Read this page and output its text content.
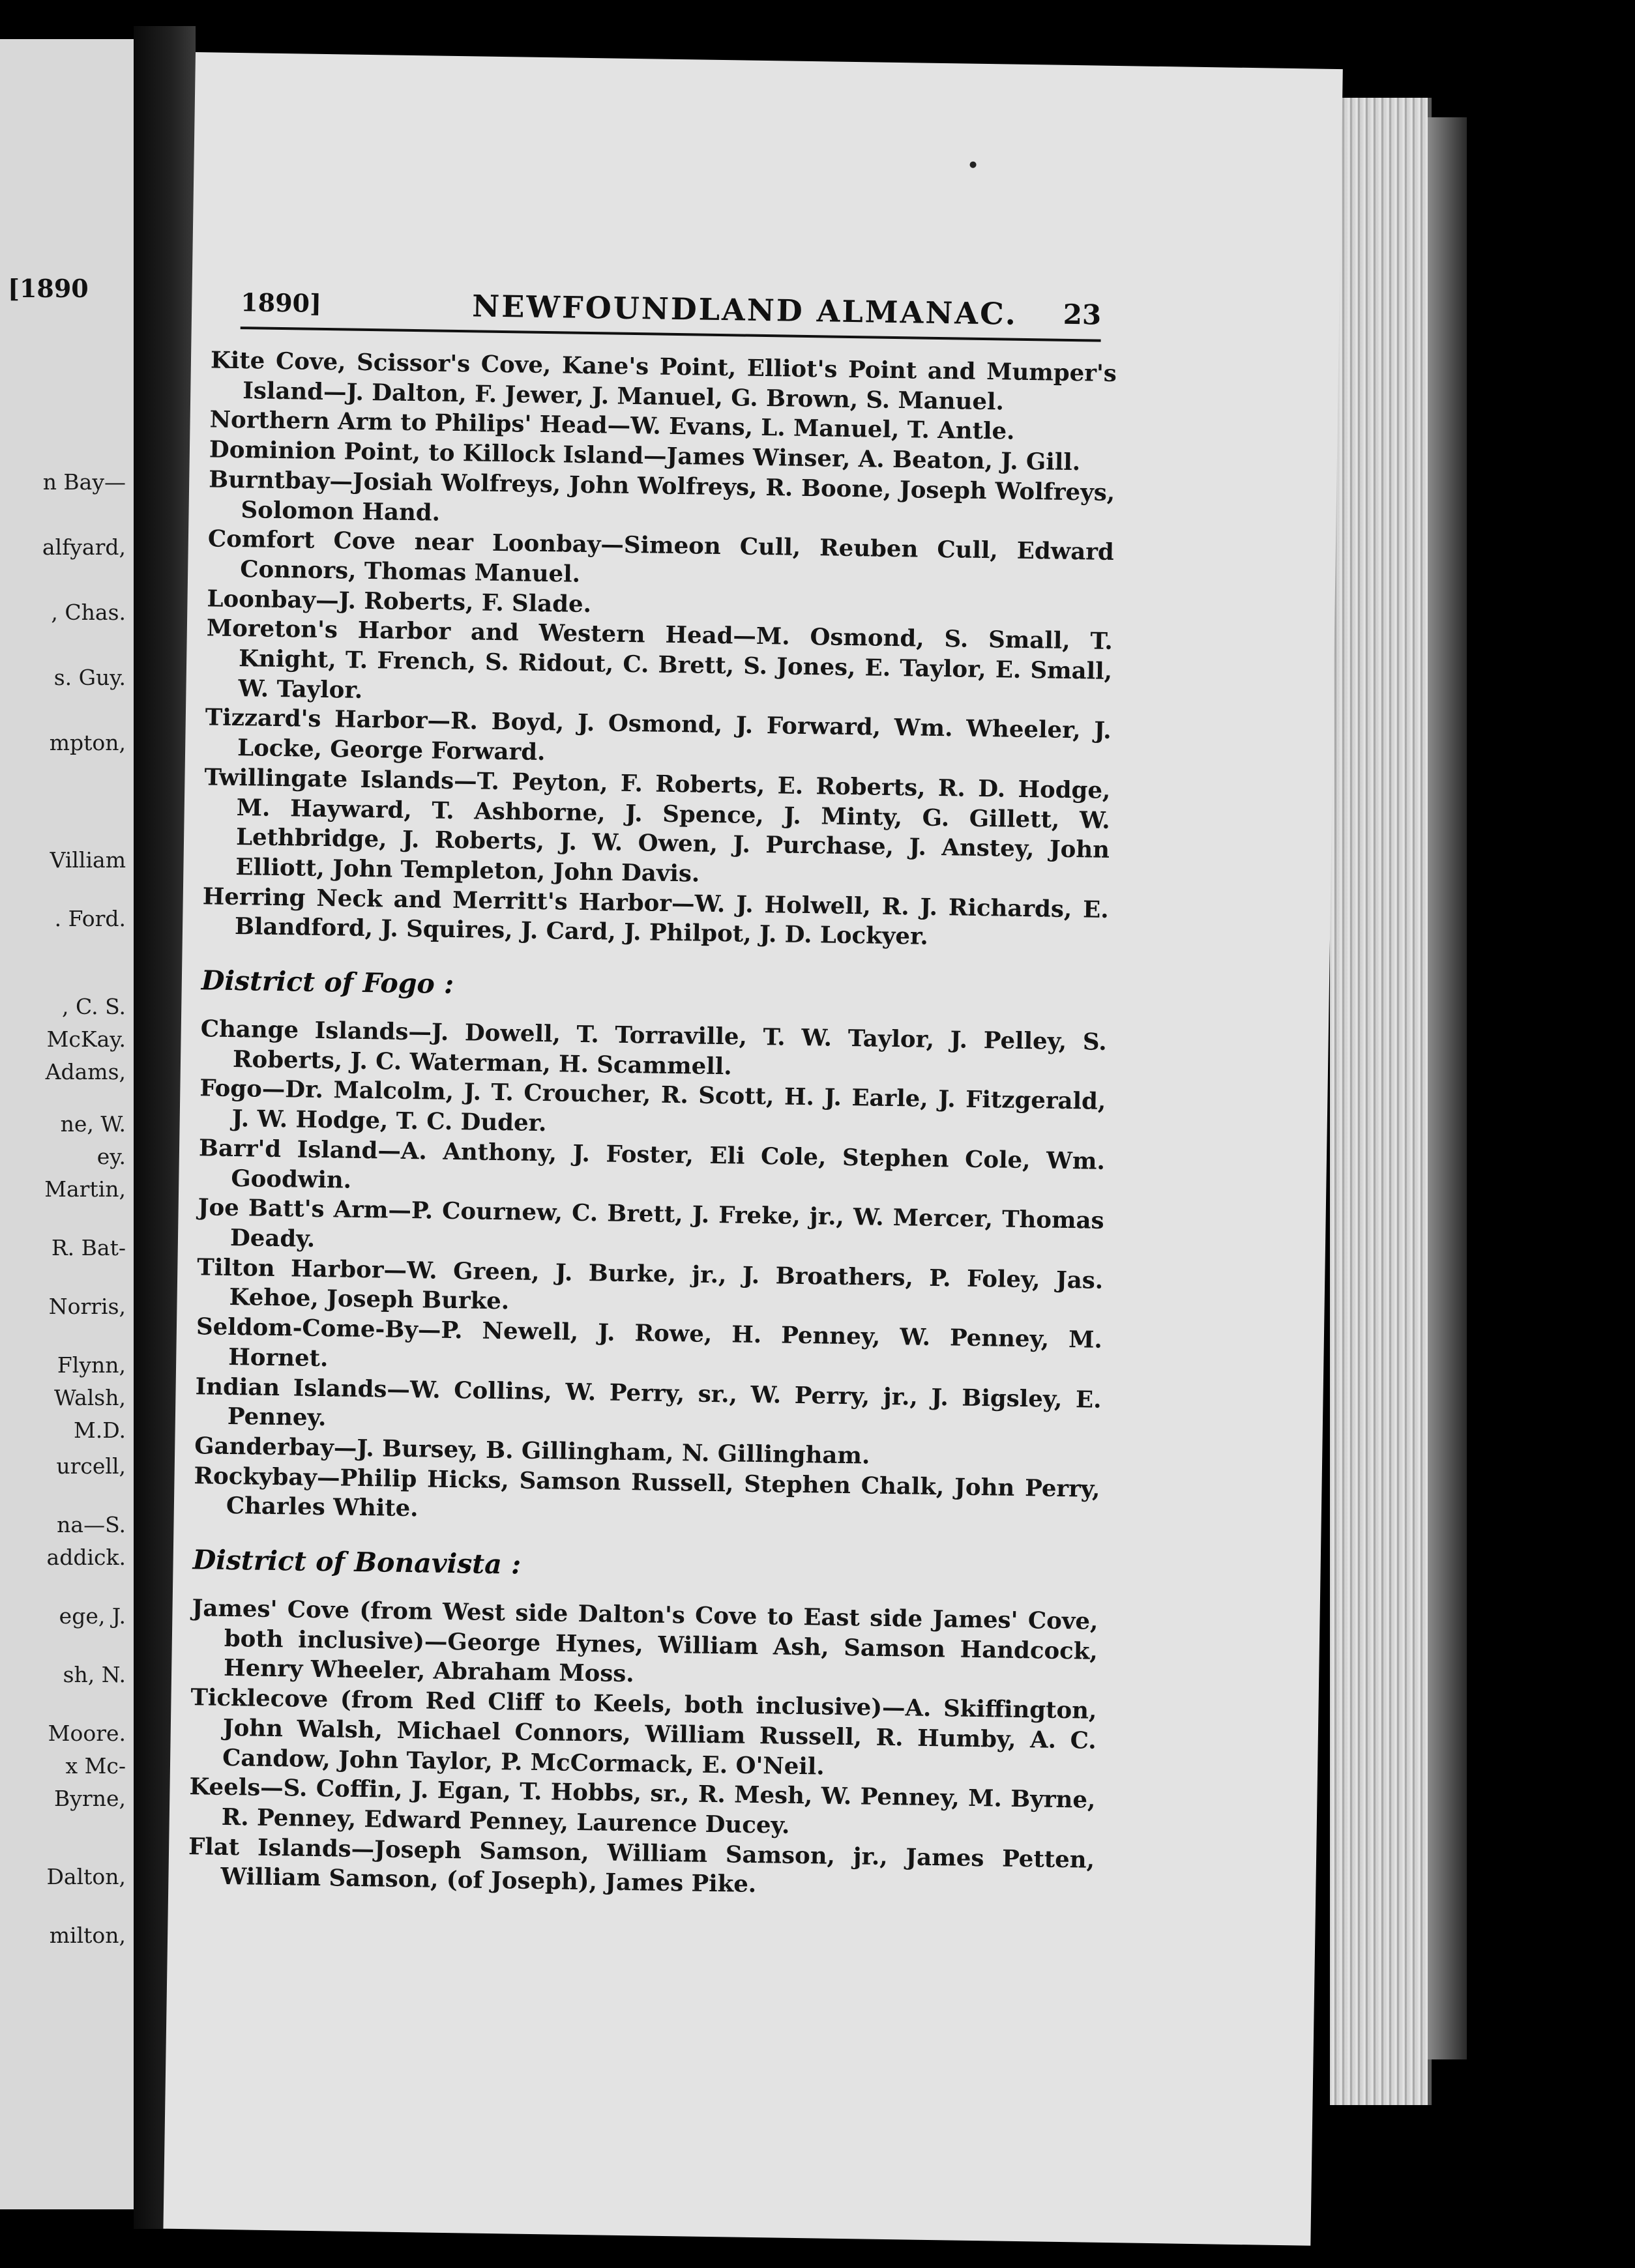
[1890
n Bay—
alfyard,
, Chas.
s. Guy.
mpton,
Villiam
. Ford.
, C. S.
McKay.
Adams,
ne, W.
ey.
Martin,
R. Bat-
Norris,
Flynn,
Walsh,
M.D.
urcell,
na—S.
addick.
ege, J.
sh, N.
Moore.
x Mc-
Byrne,
Dalton,
milton,
1890]	NEWFOUNDLAND ALMANAC. 23
Kite Cove, Scissor's Cove, Kane's Point, Elliot's Point and Mumper's Island—J. Dalton, F. Jewer, J. Manuel, G. Brown, S. Manuel.
Northern Arm to Philips' Head—W. Evans, L. Manuel, T. Antle.
Dominion Point, to Killock Island—James Winser, A. Beaton, J. Gill.
Burntbay—Josiah Wolfreys, John Wolfreys, R. Boone, Joseph Wolfreys, Solomon Hand.
Comfort Cove near Loonbay—Simeon Cull, Reuben Cull, Edward Connors, Thomas Manuel.
Loonbay—J. Roberts, F. Slade.
Moreton's Harbor and Western Head—M. Osmond, S. Small, T. Knight, T. French, S. Ridout, C. Brett, S. Jones, E. Taylor, E. Small, W. Taylor.
Tizzard's Harbor—R. Boyd, J. Osmond, J. Forward, Wm. Wheeler, J. Locke, George Forward.
Twillingate Islands—T. Peyton, F. Roberts, E. Roberts, R. D. Hodge, M. Hayward, T. Ashborne, J. Spence, J. Minty, G. Gillett, W. Lethbridge, J. Roberts, J. W. Owen, J. Purchase, J. Anstey, John Elliott, John Templeton, John Davis.
Herring Neck and Merritt's Harbor—W. J. Holwell, R. J. Richards, E. Blandford, J. Squires, J. Card, J. Philpot, J. D. Lockyer.
District of Fogo :
Change Islands—J. Dowell, T. Torraville, T. W. Taylor, J. Pelley, S. Roberts, J. C. Waterman, H. Scammell.
Fogo—Dr. Malcolm, J. T. Croucher, R. Scott, H. J. Earle, J. Fitzgerald, J. W. Hodge, T. C. Duder.
Barr'd Island—A. Anthony, J. Foster, Eli Cole, Stephen Cole, Wm. Goodwin.
Joe Batt's Arm—P. Cournew, C. Brett, J. Freke, jr., W. Mercer, Thomas Deady.
Tilton Harbor—W. Green, J. Burke, jr., J. Broathers, P. Foley, Jas. Kehoe, Joseph Burke.
Seldom-Come-By—P. Newell, J. Rowe, H. Penney, W. Penney, M. Hornet.
Indian Islands—W. Collins, W. Perry, sr., W. Perry, jr., J. Bigsley, E. Penney.
Ganderbay—J. Bursey, B. Gillingham, N. Gillingham.
Rockybay—Philip Hicks, Samson Russell, Stephen Chalk, John Perry, Charles White.
District of Bonavista :
James' Cove (from West side Dalton's Cove to East side James' Cove, both inclusive)—George Hynes, William Ash, Samson Handcock, Henry Wheeler, Abraham Moss.
Ticklecove (from Red Cliff to Keels, both inclusive)—A. Skiffington, John Walsh, Michael Connors, William Russell, R. Humby, A. C. Candow, John Taylor, P. McCormack, E. O'Neil.
Keels—S. Coffin, J. Egan, T. Hobbs, sr., R. Mesh, W. Penney, M. Byrne, R. Penney, Edward Penney, Laurence Ducey.
Flat Islands—Joseph Samson, William Samson, jr., James Petten, William Samson, (of Joseph), James Pike.
